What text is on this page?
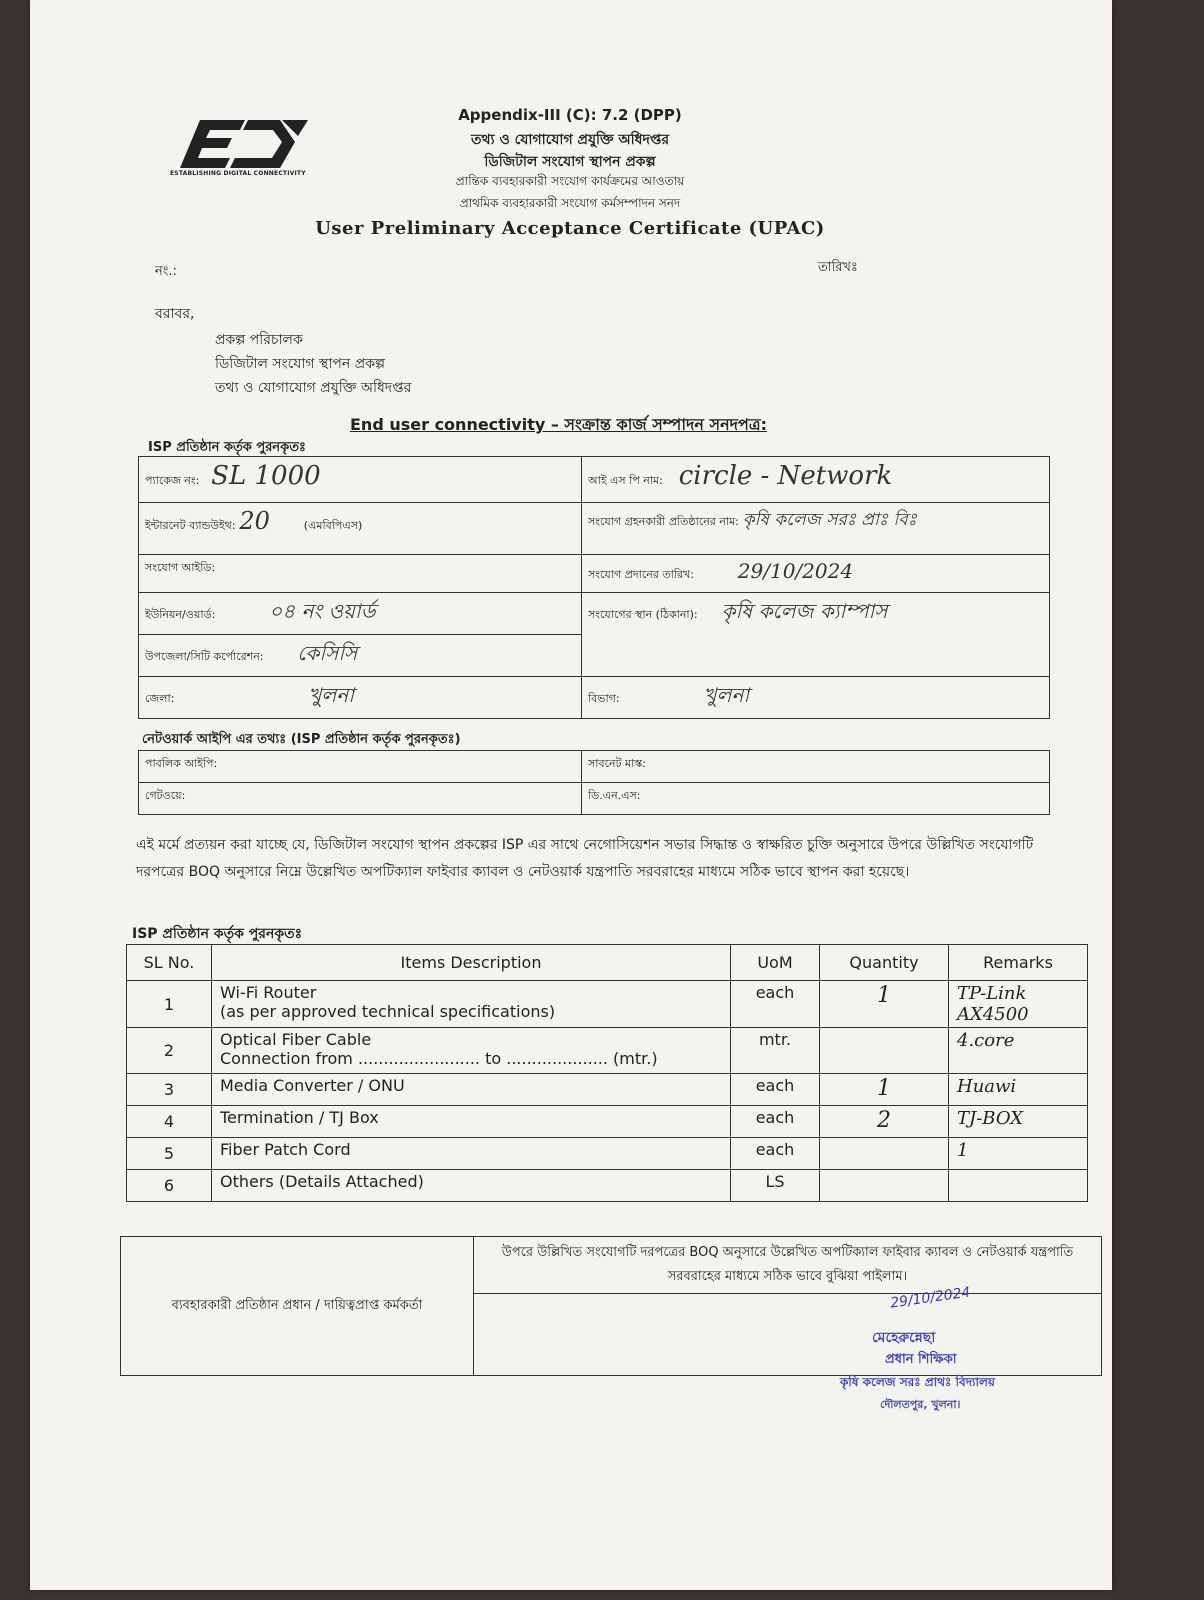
ESTABLISHING DIGITAL CONNECTIVITY
Appendix-III (C): 7.2 (DPP)
তথ্য ও যোগাযোগ প্রযুক্তি অধিদপ্তর
ডিজিটাল সংযোগ স্থাপন প্রকল্প
প্রান্তিক ব্যবহারকারী সংযোগ কার্যক্রমের আওতায়
প্রাথমিক ব্যবহারকারী সংযোগ কর্মসম্পাদন সনদ
User Preliminary Acceptance Certificate (UPAC)
নং.:	তারিখঃ
বরাবর,
প্রকল্প পরিচালক
ডিজিটাল সংযোগ স্থাপন প্রকল্প
তথ্য ও যোগাযোগ প্রযুক্তি অধিদপ্তর
End user connectivity – সংক্রান্ত কার্জ সম্পাদন সনদপত্র:
ISP প্রতিষ্ঠান কর্তৃক পুরনকৃতঃ
প্যাকেজ নং: SL 1000	আই এস পি নাম: circle - Network
ইন্টারনেট ব্যান্ডউইথ: 20 (এমবিপিএস)	সংযোগ গ্রহনকারী প্রতিষ্ঠানের নাম: কৃষি কলেজ সরঃ প্রাঃ বিঃ
সংযোগ আইডি:	সংযোগ প্রদানের তারিখ: 29/10/2024
ইউনিয়ন/ওয়ার্ড: ০৪ নং ওয়ার্ড	সংযোগের স্থান (ঠিকানা): কৃষি কলেজ ক্যাম্পাস
উপজেলা/সিটি কর্পোরেশন: কেসিসি	
জেলা: খুলনা	বিভাগ: খুলনা
নেটওয়ার্ক আইপি এর তথ্যঃ (ISP প্রতিষ্ঠান কর্তৃক পুরনকৃতঃ)
পাবলিক আইপি:	সাবনেট মাস্ক:
গেটওয়ে:	ডি.এন.এস:
এই মর্মে প্রত্যয়ন করা যাচ্ছে যে, ডিজিটাল সংযোগ স্থাপন প্রকল্পের ISP এর সাথে নেগোসিয়েশন সভার সিদ্ধান্ত ও স্বাক্ষরিত চুক্তি অনুসারে উপরে উল্লিখিত সংযোগটি দরপত্রের BOQ অনুসারে নিম্নে উল্লেখিত অপটিক্যাল ফাইবার ক্যাবল ও নেটওয়ার্ক যন্ত্রপাতি সরবরাহের মাধ্যমে সঠিক ভাবে স্থাপন করা হয়েছে।
ISP প্রতিষ্ঠান কর্তৃক পুরনকৃতঃ
SL No.	Items Description	UoM	Quantity	Remarks
1	Wi-Fi Router
(as per approved technical specifications)	each	1	TP-Link AX4500
2	Optical Fiber Cable
Connection from ........................ to .................... (mtr.)	mtr.		4.core
3	Media Converter / ONU	each	1	Huawi
4	Termination / TJ Box	each	2	TJ-BOX
5	Fiber Patch Cord	each		1
6	Others (Details Attached)	LS		
ব্যবহারকারী প্রতিষ্ঠান প্রধান / দায়িত্বপ্রাপ্ত কর্মকর্তা	উপরে উল্লিখিত সংযোগটি দরপত্রের BOQ অনুসারে উল্লেখিত অপটিক্যাল ফাইবার ক্যাবল ও নেটওয়ার্ক যন্ত্রপাতি সরবরাহের মাধ্যমে সঠিক ভাবে বুঝিয়া পাইলাম।

29/10/2024
মেহেরুন্নেছা
প্রধান শিক্ষিকা
কৃষি কলেজ সরঃ প্রাথঃ বিদ্যালয়
দৌলতপুর, খুলনা।
